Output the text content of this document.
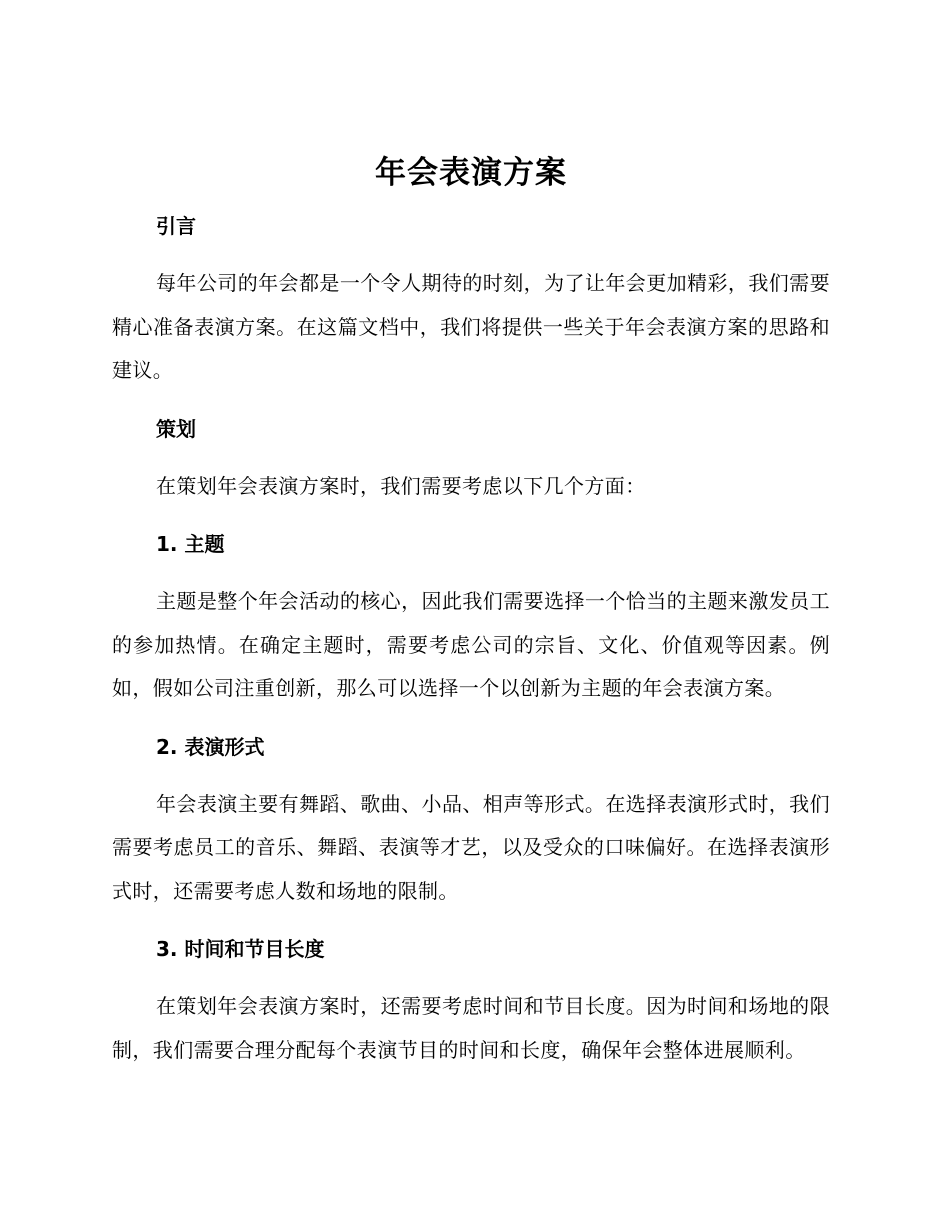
年会表演方案
引言

每年公司的年会都是一个令人期待的时刻，为了让年会更加精彩，我们需要精心准备表演方案。在这篇文档中，我们将提供一些关于年会表演方案的思路和建议。

策划

在策划年会表演方案时，我们需要考虑以下几个方面：

1. 主题

主题是整个年会活动的核心，因此我们需要选择一个恰当的主题来激发员工的参加热情。在确定主题时，需要考虑公司的宗旨、文化、价值观等因素。例如，假如公司注重创新，那么可以选择一个以创新为主题的年会表演方案。

2. 表演形式

年会表演主要有舞蹈、歌曲、小品、相声等形式。在选择表演形式时，我们需要考虑员工的音乐、舞蹈、表演等才艺，以及受众的口味偏好。在选择表演形式时，还需要考虑人数和场地的限制。

3. 时间和节目长度

在策划年会表演方案时，还需要考虑时间和节目长度。因为时间和场地的限制，我们需要合理分配每个表演节目的时间和长度，确保年会整体进展顺利。
